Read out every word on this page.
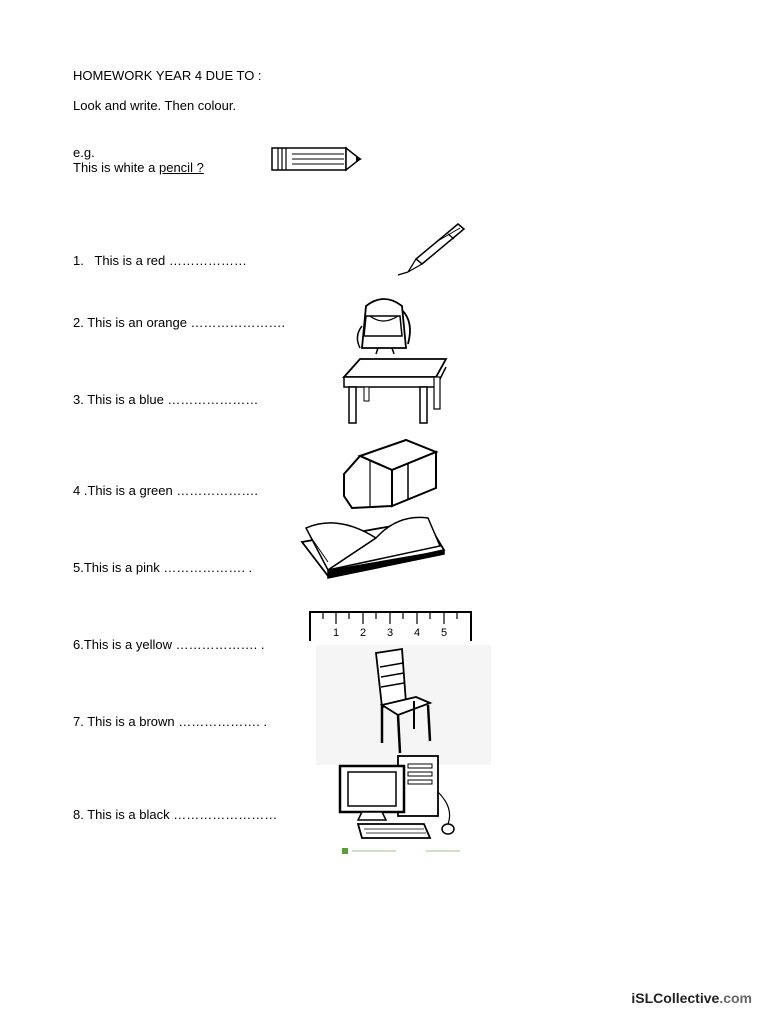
HOMEWORK YEAR 4 DUE TO :
Look and write. Then colour.
e.g.
This is white a pencil ?
1.   This is a red ………………
2. This is an orange ………………….
3. This is a blue …………………
4 .This is a green ……………….
5.This is a pink ………………. .
6.This is a yellow ………………. .
7. This is a brown ………………. .
8. This is a black ……………………
1 2 3 4 5
iSLCollective.com
